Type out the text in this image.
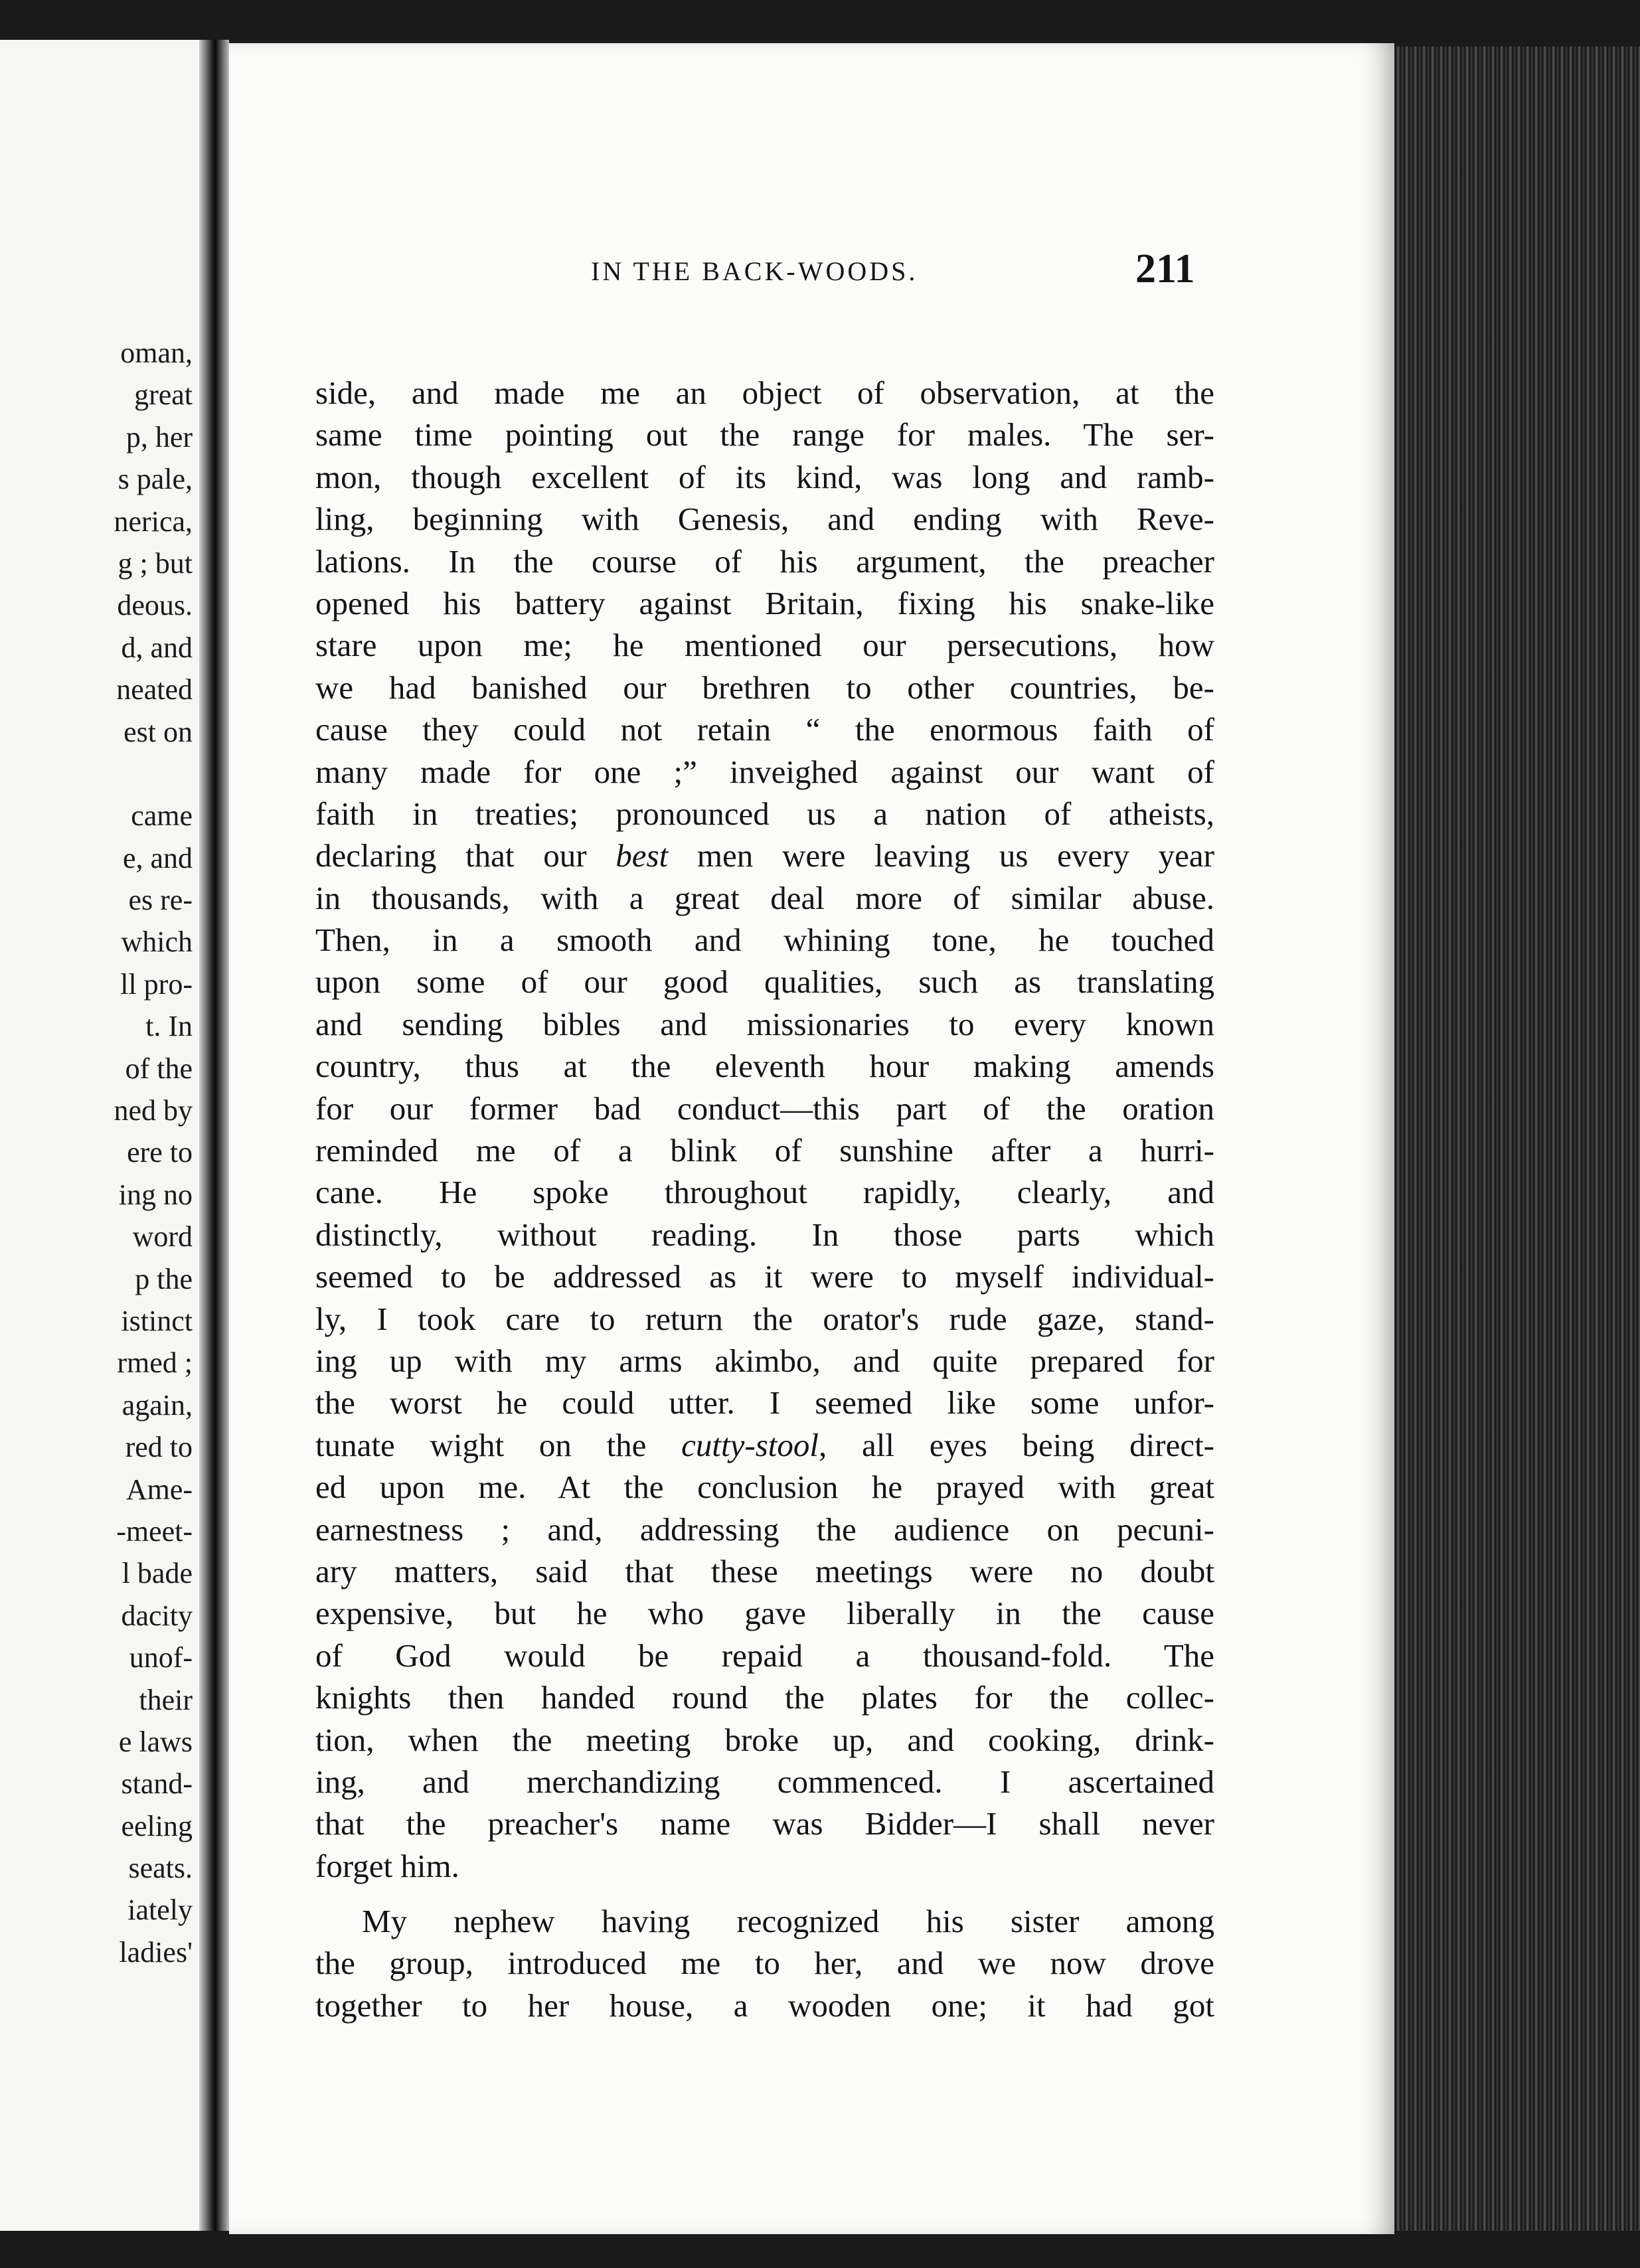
oman,
great
p, her
s pale,
nerica,
g ; but
deous.
d, and
neated
est on
came
e, and
es re-
which
ll pro-
t. In
of the
ned by
ere to
ing no
word
p the
istinct
rmed ;
again,
red to
Ame-
-meet-
l bade
dacity
unof-
their
e laws
stand-
eeling
seats.
iately
ladies'
IN THE BACK-WOODS.	211
side, and made me an object of observation, at the
same time pointing out the range for males. The ser-
mon, though excellent of its kind, was long and ramb-
ling, beginning with Genesis, and ending with Reve-
lations. In the course of his argument, the preacher
opened his battery against Britain, fixing his snake-like
stare upon me; he mentioned our persecutions, how
we had banished our brethren to other countries, be-
cause they could not retain “ the enormous faith of
many made for one ;” inveighed against our want of
faith in treaties; pronounced us a nation of atheists,
declaring that our best men were leaving us every year
in thousands, with a great deal more of similar abuse.
Then, in a smooth and whining tone, he touched
upon some of our good qualities, such as translating
and sending bibles and missionaries to every known
country, thus at the eleventh hour making amends
for our former bad conduct—this part of the oration
reminded me of a blink of sunshine after a hurri-
cane. He spoke throughout rapidly, clearly, and
distinctly, without reading. In those parts which
seemed to be addressed as it were to myself individual-
ly, I took care to return the orator's rude gaze, stand-
ing up with my arms akimbo, and quite prepared for
the worst he could utter. I seemed like some unfor-
tunate wight on the cutty-stool, all eyes being direct-
ed upon me. At the conclusion he prayed with great
earnestness ; and, addressing the audience on pecuni-
ary matters, said that these meetings were no doubt
expensive, but he who gave liberally in the cause
of God would be repaid a thousand-fold. The
knights then handed round the plates for the collec-
tion, when the meeting broke up, and cooking, drink-
ing, and merchandizing commenced. I ascertained
that the preacher's name was Bidder—I shall never
forget him.
My nephew having recognized his sister among
the group, introduced me to her, and we now drove
together to her house, a wooden one; it had got
